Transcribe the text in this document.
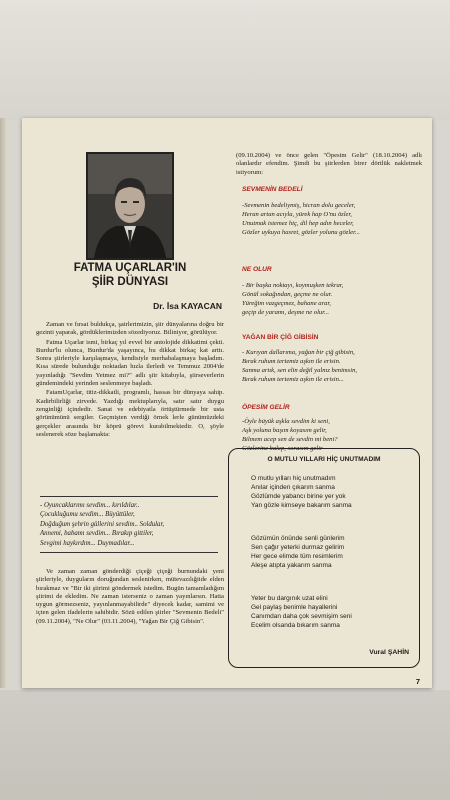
FATMA UÇARLAR'IN
ŞİİR DÜNYASI
Dr. İsa KAYACAN

Zaman ve fırsat buldukça, şairlerimizin, şiir dünyalarına doğru bir gezinti yaparak, gördüklerimizden sözediyoruz. Biliniyor, görülüyor.

Fatma Uçarlar ismi, birkaç yıl evvel bir antolojide dikkatimi çekti. Burdur'lu olunca, Burdur'da yaşayınca, bu dikkat birkaç kat arttı. Sonra şiirleriyle karşılaşmaya, kendisiyle merhabalaşmaya başladım. Kısa sürede bulunduğu noktadan hızla ilerledi ve Temmuz 2004'de yayınladığı "Sevdim Yetmez mi?" adlı şiir kitabıyla, şiirseverlerin gündemindeki yerinden seslenmeye başladı.

FatamUçarlar, titiz-dikkatli, programlı, hassas bir dünyaya sahip. Kadirbilirliği zirvede. Yazdığı mektuplarıyla, satır satır duygu zenginliği içindedir. Sanat ve edebiyatla örtüştürmede bir usta görünümünü sergiler. Geçmişten verdiği örnek lerle günümüzdeki gerçekler arasında bir köprü görevi kurabilmektedir. O, şöyle seslenerek söze başlamakta:

- Oyuncaklarımı sevdim... kırıldılar..
Çocukluğumu sevdim... Büyüttüler,
Doğduğum şehrin güllerini sevdim.. Soldular,
Annemi, babamı sevdim... Bırakıp gittiler,
Sevgimi haykırdım... Duymadılar...

Ve zaman zaman gönderdiği çiçeği çiçeği burnundaki yeni şiirleriyle, duyguların doruğundan seslenirken, mütevazılığiide elden bırakmaz ve "Bir iki şiirimi göndermek istedim. Bugün tamamladığım şiirimi de ekledim. Ne zaman isterseniz o zaman yayınlarsın. Hatta uygun görmezseniz, yayınlanmayabilirde" diyecek kadar, samimi ve içten gelen ifadelerin sahibidir. Sözü edilen şiirler "Sevmenin Bedeli" (09.11.2004), "Ne Olur" (03.11.2004), "Yağan Bir Çiğ Gibisin".

(09.10.2004) ve önce gelen "Öpesim Gelir" (18.10.2004) adlı olanlardır efendim. Şimdi bu şiirlerden birer dörtlük nakletmek istiyorum:
SEVMENİN BEDELİ
-Sevmenin bedeliymiş, hicran dolu geceler,
Heran artan acıyla, yürek hap O'nu özler,
Unutmak istemez hiç, dil hep adın heceler,
Gözler uykuya hasret, gözler yolunu gözler...
NE OLUR
- Bir başka noktayı, koymuşken tekrar,
Gönül sokağından, geçme ne olur.
Yüreğim vazgeçmez, bahane arar,
geçip de yaramı, deşme ne olur...
YAĞAN BİR ÇİĞ GİBİSİN
- Kurıyan dallarıma, yağan bir çiğ gibisin,
Bırak ruhum tertemiz aşkın ile erisin.
Sanma artık, sen elin değil yalnız benimsin,
Bırak ruhum tertemiz aşkın ile erisin...
ÖPESİM GELİR
-Öyle büyük aşkla sevdim ki seni,
Aşk yoluna başım koyasım gelir,
Bilmem acep sen de sevdin mi beni?
Gözlerine bakıp, sorasım gelir
O MUTLU YILLARI HİÇ UNUTMADIM
O mutlu yılları hiç unutmadım
Anılar içinden çıkarım sanma
Gözlümde yabancı birine yer yok
Yan gözle kimseye bakarım sanma
Gözümün önünde senli günlerim
Sen çağır yeterki durmaz gelirim
Her gece elimde tüm resimlerim
Aleşe atıpta yakarım sanma
Yeter bu dargınık uzat elini
Gel paylaş benimle hayallerini
Canımdan daha çok sevmişim seni
Ecelim olsanda bıkarım sanma
Vural ŞAHİN
7
